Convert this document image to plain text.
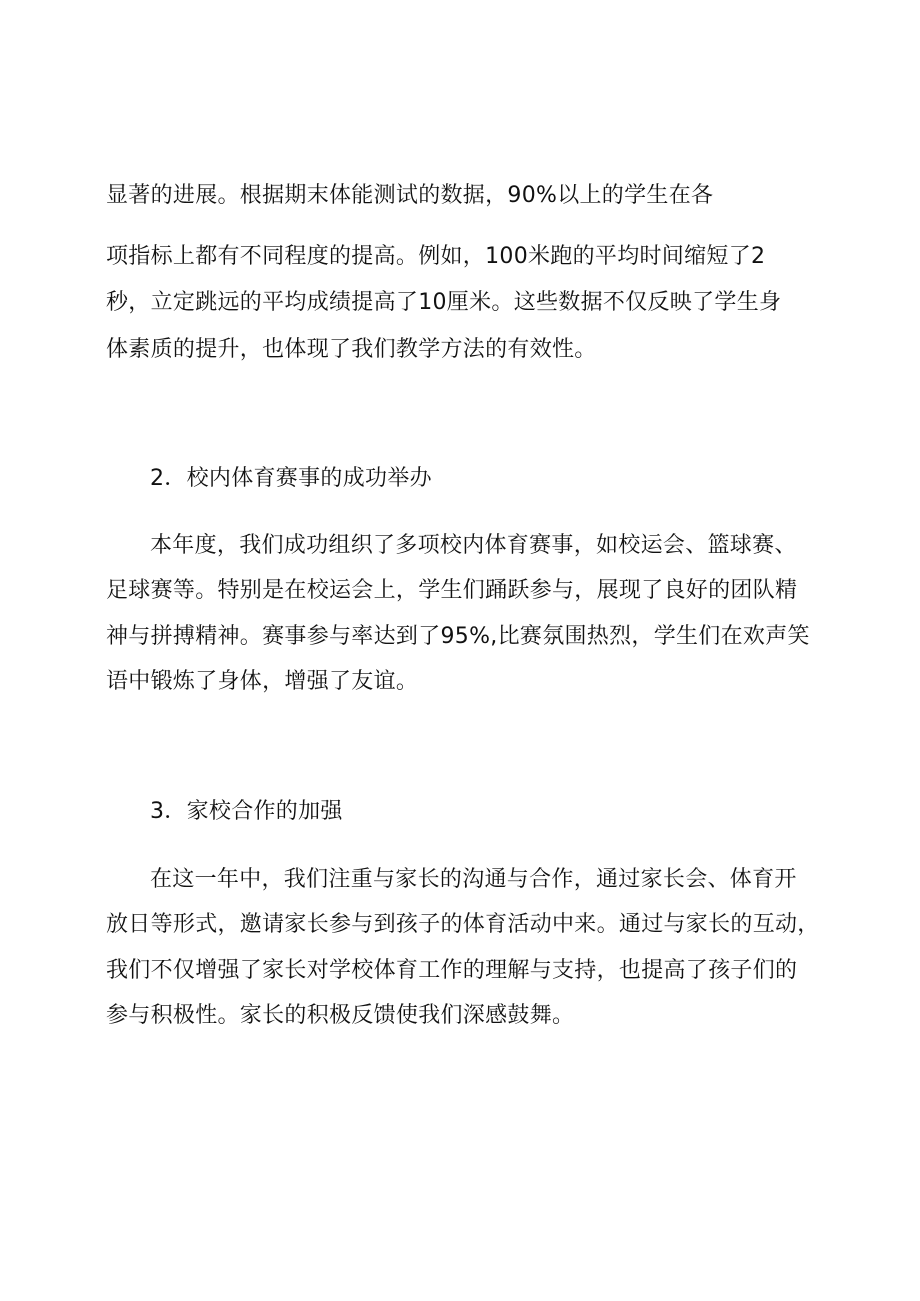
显著的进展。根据期末体能测试的数据，90%以上的学生在各
项指标上都有不同程度的提高。例如，100米跑的平均时间缩短了2
秒，立定跳远的平均成绩提高了10厘米。这些数据不仅反映了学生身
体素质的提升，也体现了我们教学方法的有效性。
2．校内体育赛事的成功举办
本年度，我们成功组织了多项校内体育赛事，如校运会、篮球赛、
足球赛等。特别是在校运会上，学生们踊跃参与，展现了良好的团队精
神与拼搏精神。赛事参与率达到了95%,比赛氛围热烈，学生们在欢声笑
语中锻炼了身体，增强了友谊。
3．家校合作的加强
在这一年中，我们注重与家长的沟通与合作，通过家长会、体育开
放日等形式，邀请家长参与到孩子的体育活动中来。通过与家长的互动，
我们不仅增强了家长对学校体育工作的理解与支持，也提高了孩子们的
参与积极性。家长的积极反馈使我们深感鼓舞。
